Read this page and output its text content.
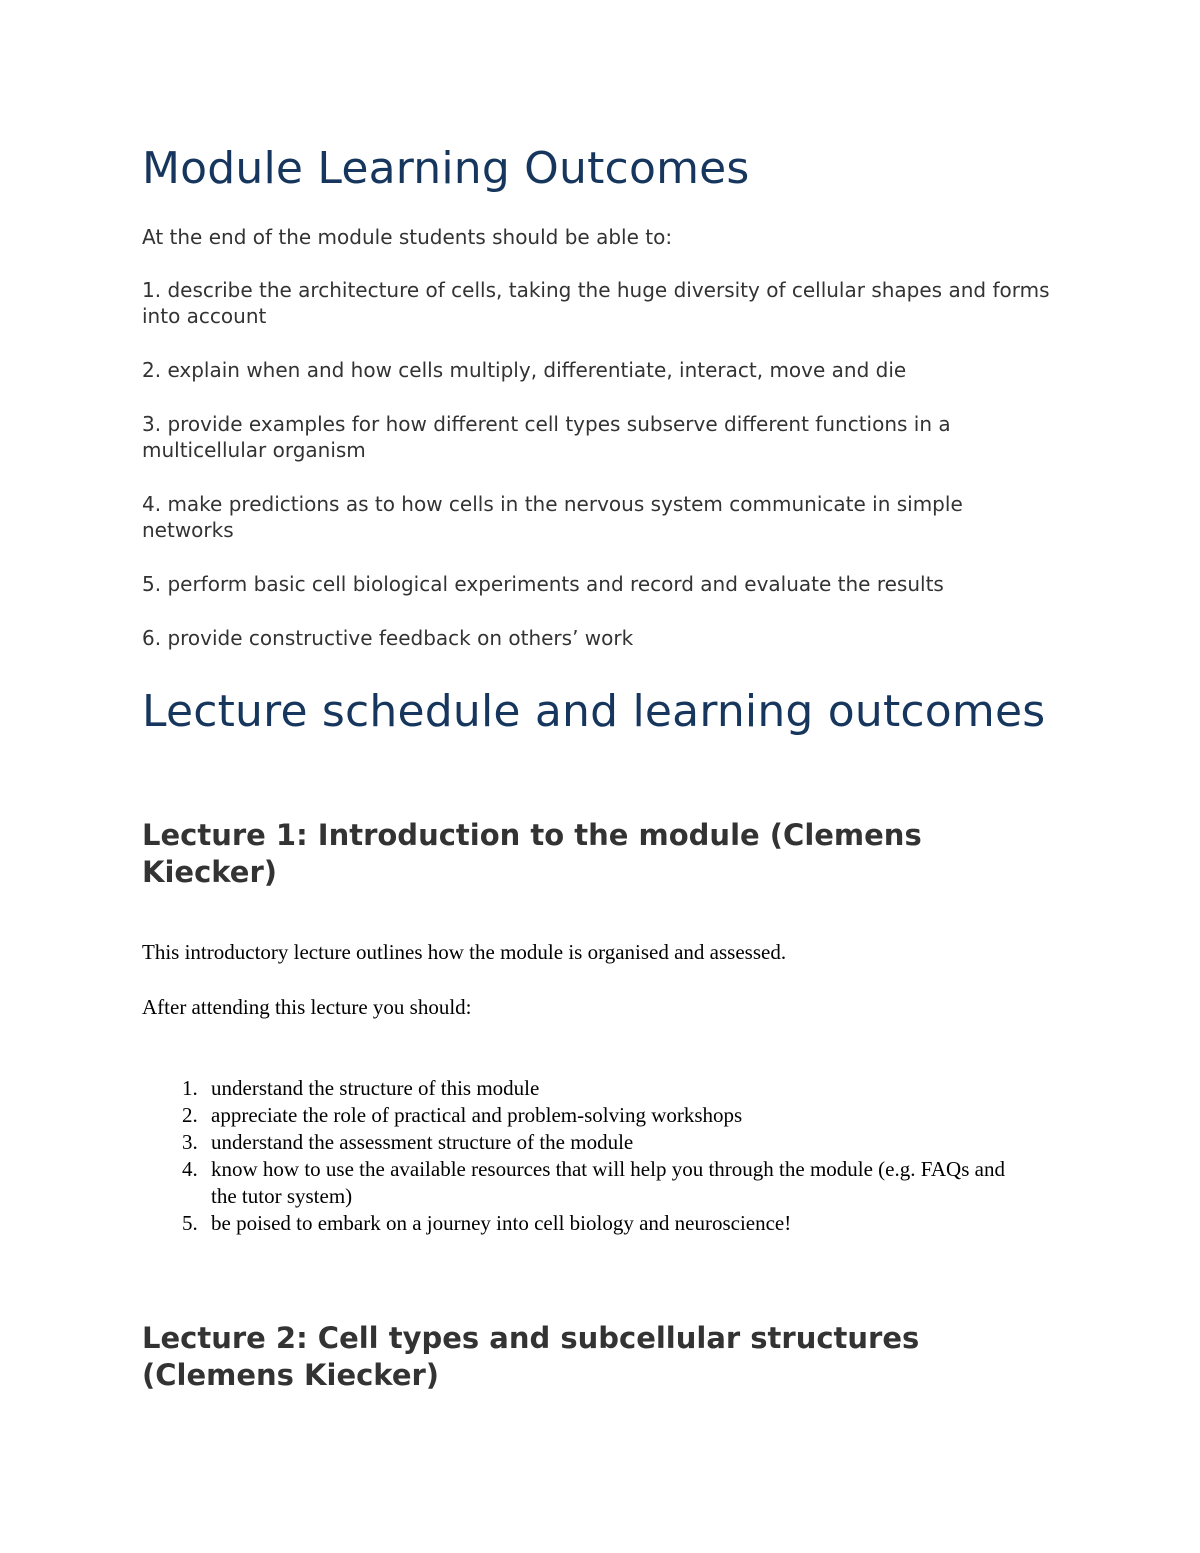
Module Learning Outcomes

At the end of the module students should be able to:

1. describe the architecture of cells, taking the huge diversity of cellular shapes and forms into account

2. explain when and how cells multiply, differentiate, interact, move and die

3. provide examples for how different cell types subserve different functions in a multicellular organism

4. make predictions as to how cells in the nervous system communicate in simple networks

5. perform basic cell biological experiments and record and evaluate the results

6. provide constructive feedback on others’ work

Lecture schedule and learning outcomes
Lecture 1: Introduction to the module (Clemens Kiecker)

This introductory lecture outlines how the module is organised and assessed.

After attending this lecture you should:

1. understand the structure of this module
2. appreciate the role of practical and problem-solving workshops
3. understand the assessment structure of the module
4. know how to use the available resources that will help you through the module (e.g. FAQs and the tutor system)
5. be poised to embark on a journey into cell biology and neuroscience!
Lecture 2: Cell types and subcellular structures (Clemens Kiecker)
